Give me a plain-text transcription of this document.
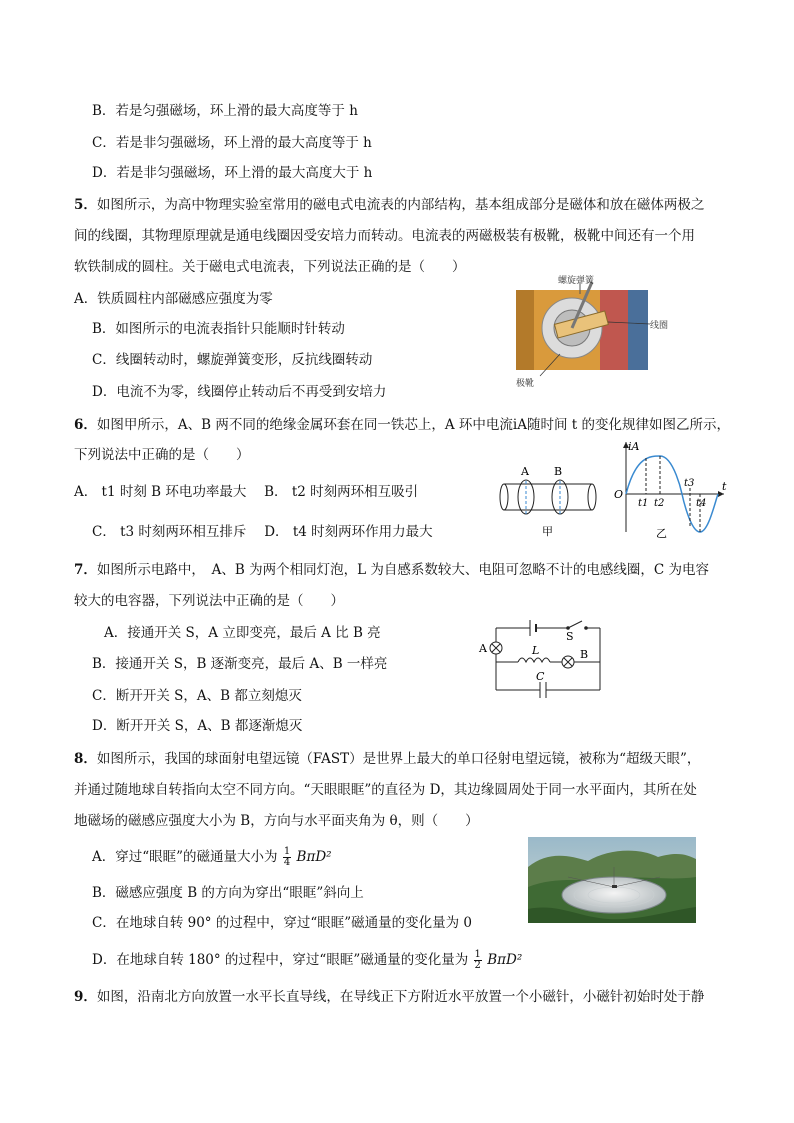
B．若是匀强磁场，环上滑的最大高度等于 h
C．若是非匀强磁场，环上滑的最大高度等于 h
D．若是非匀强磁场，环上滑的最大高度大于 h
5．如图所示，为高中物理实验室常用的磁电式电流表的内部结构，基本组成部分是磁体和放在磁体两极之
间的线圈，其物理原理就是通电线圈因受安培力而转动。电流表的两磁极装有极靴，极靴中间还有一个用
软铁制成的圆柱。关于磁电式电流表，下列说法正确的是（　　）
A．铁质圆柱内部磁感应强度为零
B．如图所示的电流表指针只能顺时针转动
C．线圈转动时，螺旋弹簧变形，反抗线圈转动
D．电流不为零，线圈停止转动后不再受到安培力
螺旋弹簧
线圈
极靴
6．如图甲所示，A、B 两不同的绝缘金属环套在同一铁芯上，A 环中电流iA随时间 t 的变化规律如图乙所示，
下列说法中正确的是（　　）
A． t1 时刻 B 环电功率最大　 B． t2 时刻两环相互吸引
C． t3 时刻两环相互排斥　 D． t4 时刻两环作用力最大
A B
甲
iA
t
O
t1 t2
t3
t4
乙
7．如图所示电路中，　A、B 为两个相同灯泡，L 为自感系数较大、电阻可忽略不计的电感线圈，C 为电容
较大的电容器，下列说法中正确的是（　　）
A．接通开关 S，A 立即变亮，最后 A 比 B 亮
B．接通开关 S，B 逐渐变亮，最后 A、B 一样亮
C．断开开关 S，A、B 都立刻熄灭
D．断开开关 S，A、B 都逐渐熄灭
S
A	B
L
C
8．如图所示，我国的球面射电望远镜（FAST）是世界上最大的单口径射电望远镜，被称为“超级天眼”，
并通过随地球自转指向太空不同方向。“天眼眼眶”的直径为 D，其边缘圆周处于同一水平面内，其所在处
地磁场的磁感应强度大小为 B，方向与水平面夹角为 θ，则（　　）
A．穿过“眼眶”的磁通量大小为 $\frac{1}{4} B\pi D^2$
B．磁感应强度 B 的方向为穿出“眼眶”斜向上
C．在地球自转 90° 的过程中，穿过“眼眶”磁通量的变化量为 0
D．在地球自转 180° 的过程中，穿过“眼眶”磁通量的变化量为 $\frac{1}{2} B\pi D^2$
9．如图，沿南北方向放置一水平长直导线，在导线正下方附近水平放置一个小磁针，小磁针初始时处于静
